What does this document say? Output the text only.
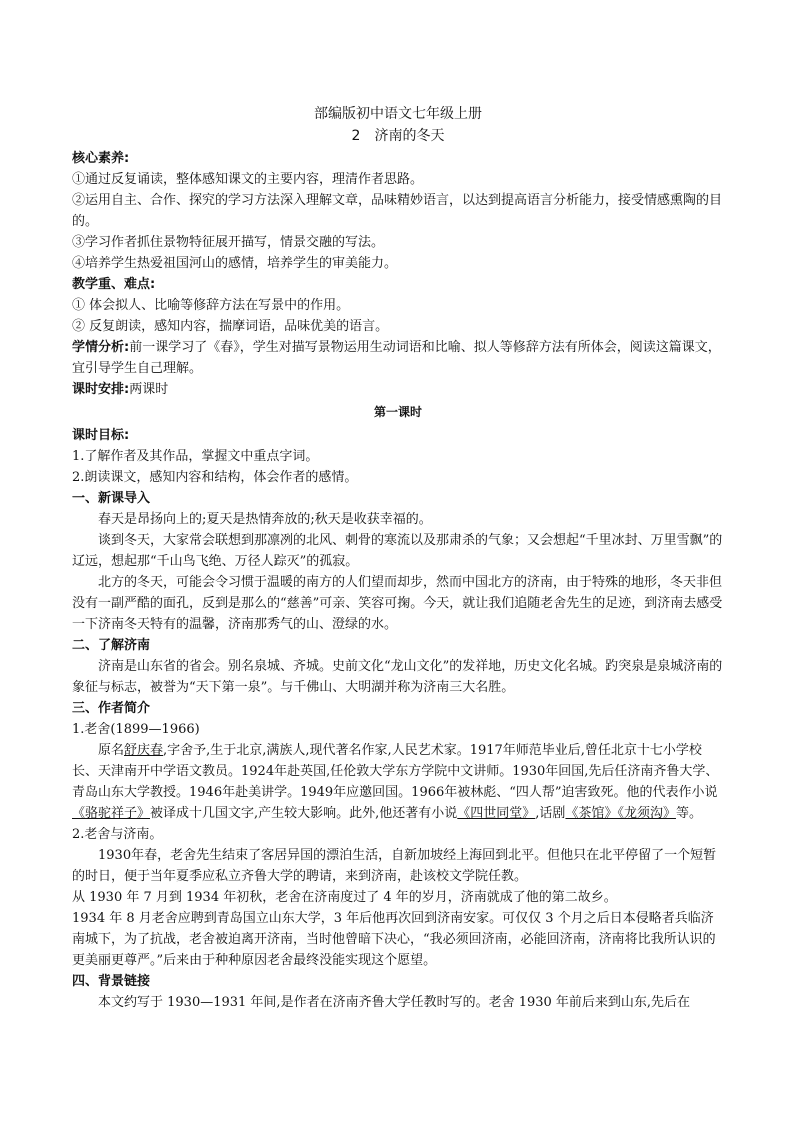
部编版初中语文七年级上册

2　济南的冬天

核心素养:

①通过反复诵读，整体感知课文的主要内容，理清作者思路。

②运用自主、合作、探究的学习方法深入理解文章，品味精妙语言，以达到提高语言分析能力，接受情感熏陶的目的。

③学习作者抓住景物特征展开描写，情景交融的写法。

④培养学生热爱祖国河山的感情，培养学生的审美能力。

教学重、难点:

① 体会拟人、比喻等修辞方法在写景中的作用。

② 反复朗读，感知内容，揣摩词语，品味优美的语言。

学情分析:前一课学习了《春》，学生对描写景物运用生动词语和比喻、拟人等修辞方法有所体会，阅读这篇课文，宜引导学生自己理解。

课时安排:两课时

第一课时

课时目标:

1.了解作者及其作品，掌握文中重点字词。

2.朗读课文，感知内容和结构，体会作者的感情。

一、新课导入

春天是昂扬向上的;夏天是热情奔放的;秋天是收获幸福的。

谈到冬天，大家常会联想到那凛冽的北风、刺骨的寒流以及那肃杀的气象；又会想起“千里冰封、万里雪飘”的辽远，想起那“千山鸟飞绝、万径人踪灭”的孤寂。

北方的冬天，可能会令习惯于温暖的南方的人们望而却步，然而中国北方的济南，由于特殊的地形，冬天非但没有一副严酷的面孔，反到是那么的“慈善”可亲、笑容可掬。今天，就让我们追随老舍先生的足迹，到济南去感受一下济南冬天特有的温馨，济南那秀气的山、澄绿的水。

二、了解济南

济南是山东省的省会。别名泉城、齐城。史前文化“龙山文化”的发祥地，历史文化名城。趵突泉是泉城济南的象征与标志，被誉为“天下第一泉”。与千佛山、大明湖并称为济南三大名胜。

三、作者简介

1.老舍(1899—1966)

原名舒庆春,字舍予,生于北京,满族人,现代著名作家,人民艺术家。1917年师范毕业后,曾任北京十七小学校长、天津南开中学语文教员。1924年赴英国,任伦敦大学东方学院中文讲师。1930年回国,先后任济南齐鲁大学、青岛山东大学教授。1946年赴美讲学。1949年应邀回国。1966年被林彪、“四人帮”迫害致死。他的代表作小说《骆驼祥子》被译成十几国文字,产生较大影响。此外,他还著有小说《四世同堂》,话剧《茶馆》《龙须沟》等。

2.老舍与济南。

1930年春，老舍先生结束了客居异国的漂泊生活，自新加坡经上海回到北平。但他只在北平停留了一个短暂的时日，便于当年夏季应私立齐鲁大学的聘请，来到济南，赴该校文学院任教。

从 1930 年 7 月到 1934 年初秋，老舍在济南度过了 4 年的岁月，济南就成了他的第二故乡。

1934 年 8 月老舍应聘到青岛国立山东大学，3 年后他再次回到济南安家。可仅仅 3 个月之后日本侵略者兵临济南城下，为了抗战，老舍被迫离开济南，当时他曾暗下决心，“我必须回济南，必能回济南，济南将比我所认识的更美丽更尊严。”后来由于种种原因老舍最终没能实现这个愿望。

四、背景链接

本文约写于 1930—1931 年间,是作者在济南齐鲁大学任教时写的。老舍 1930 年前后来到山东,先后在
